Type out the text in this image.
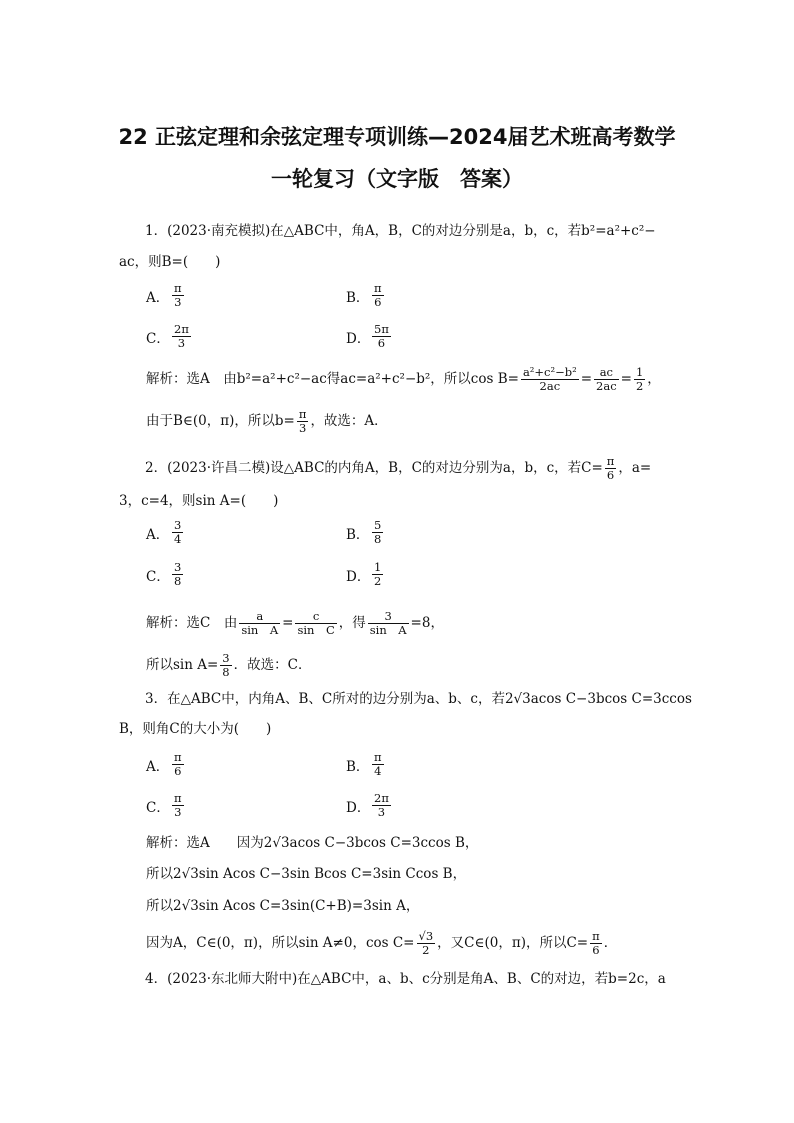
22 正弦定理和余弦定理专项训练—2024届艺术班高考数学
一轮复习（文字版　答案）
1．(2023·南充模拟)在△ABC中，角A，B，C的对边分别是a，b，c，若b²=a²+c²−
ac，则B=(　　)
A． $\frac{\pi}{3}$	B． $\frac{\pi}{6}$
C． $\frac{2\pi}{3}$	D． $\frac{5\pi}{6}$
解析：选A　由b²=a²+c²−ac得ac=a²+c²−b²，所以$\cos B= \frac{\text{a²+c²−b²}}{2ac} = \frac{ac}{2ac} = \frac{1}{2}$ ，
由于B∈(0，π)，所以$b= \frac{\pi}{3}$ ，故选：A．
2．(2023·许昌二模)设△ABC的内角A，B，C的对边分别为a，b，c，若$C= \frac{\pi}{6}$ ，a=
3，c=4，则sin A=(　　)
A． $\frac{3}{4}$	B． $\frac{5}{8}$
C． $\frac{3}{8}$	D． $\frac{1}{2}$
解析：选C　由 $\frac{a}{\text{sin　A}} = \frac{c}{\text{sin　C}}$ ，得 $\frac{3}{\text{sin　A}} =8$，
所以$\sin A= \frac{3}{8}$ ．故选：C．
3．在△ABC中，内角A、B、C所对的边分别为a、b、c，若2√3acos C−3bcos C=3ccos
B，则角C的大小为(　　)
A． $\frac{\pi}{6}$	B． $\frac{\pi}{4}$
C． $\frac{\pi}{3}$	D． $\frac{2\pi}{3}$
解析：选A　　因为2√3acos C−3bcos C=3ccos B，
所以2√3sin Acos C−3sin Bcos C=3sin Ccos B，
所以2√3sin Acos C=3sin(C+B)=3sin A，
因为A，C∈(0，π)，所以sin A≠0，$\cos C= \frac{√3}{2}$ ，又C∈(0，π)，所以$C= \frac{\pi}{6}$ ．
4．(2023·东北师大附中)在△ABC中，a、b、c分别是角A、B、C的对边，若b=2c，a
